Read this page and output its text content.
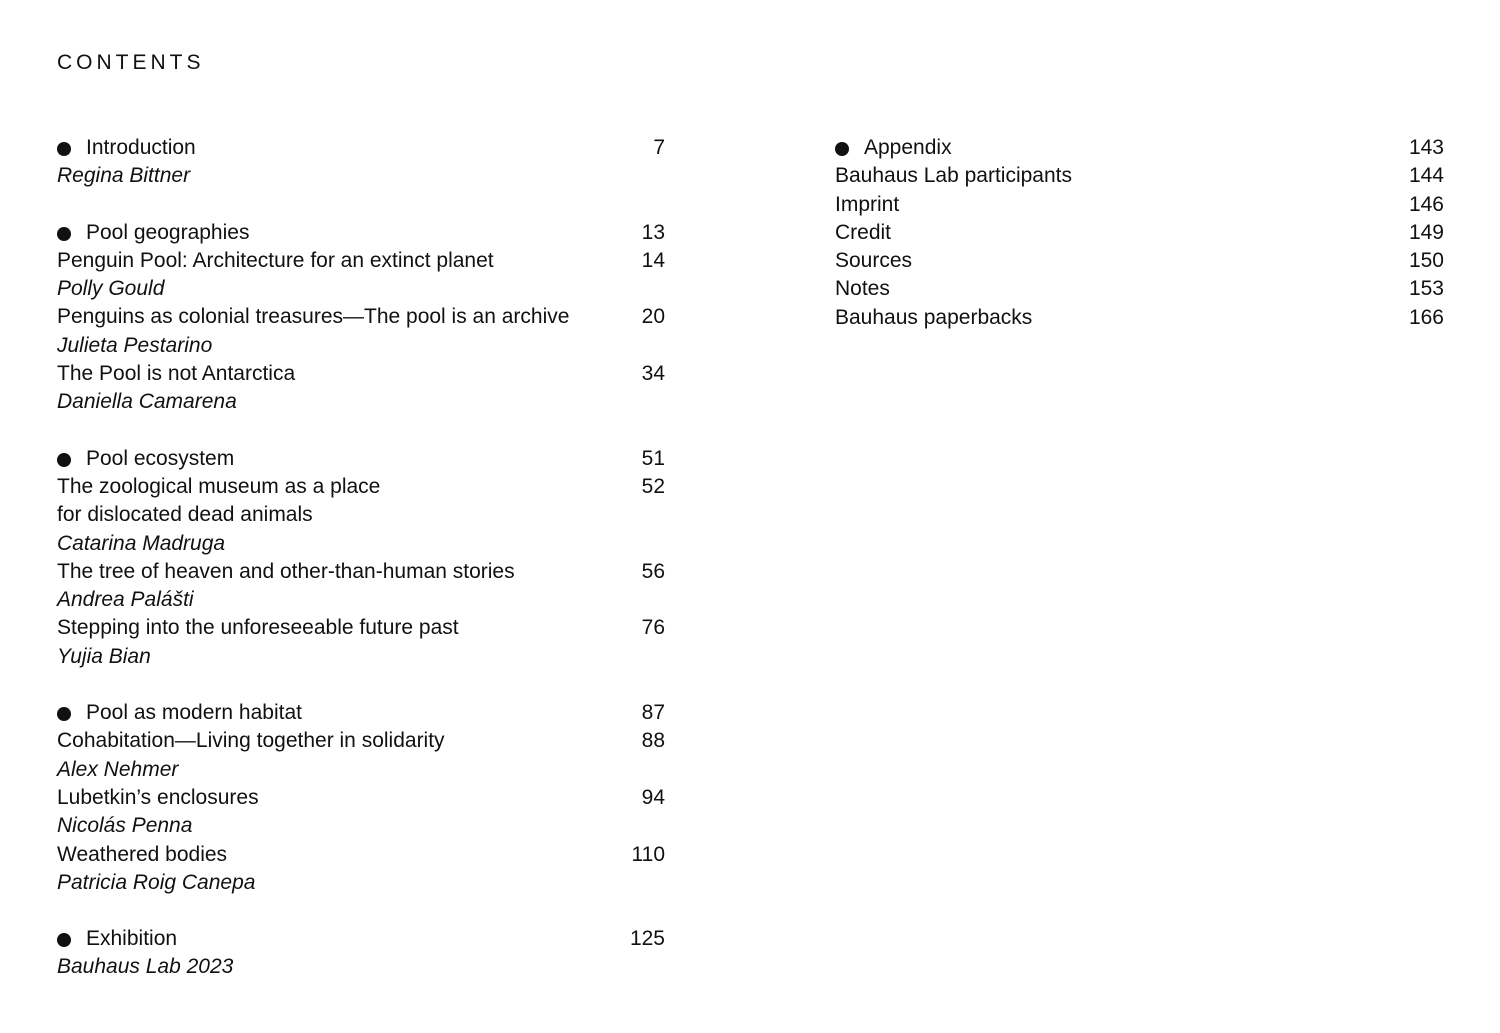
CONTENTS
Introduction	7
Regina Bittner
Pool geographies	13
Penguin Pool: Architecture for an extinct planet	14
Polly Gould
Penguins as colonial treasures—The pool is an archive	20
Julieta Pestarino
The Pool is not Antarctica	34
Daniella Camarena
Pool ecosystem	51
The zoological museum as a place	52
for dislocated dead animals
Catarina Madruga
The tree of heaven and other-than-human stories	56
Andrea Palášti
Stepping into the unforeseeable future past	76
Yujia Bian
Pool as modern habitat	87
Cohabitation—Living together in solidarity	88
Alex Nehmer
Lubetkin’s enclosures	94
Nicolás Penna
Weathered bodies	110
Patricia Roig Canepa
Exhibition	125
Bauhaus Lab 2023
Appendix	143
Bauhaus Lab participants	144
Imprint	146
Credit	149
Sources	150
Notes	153
Bauhaus paperbacks	166
